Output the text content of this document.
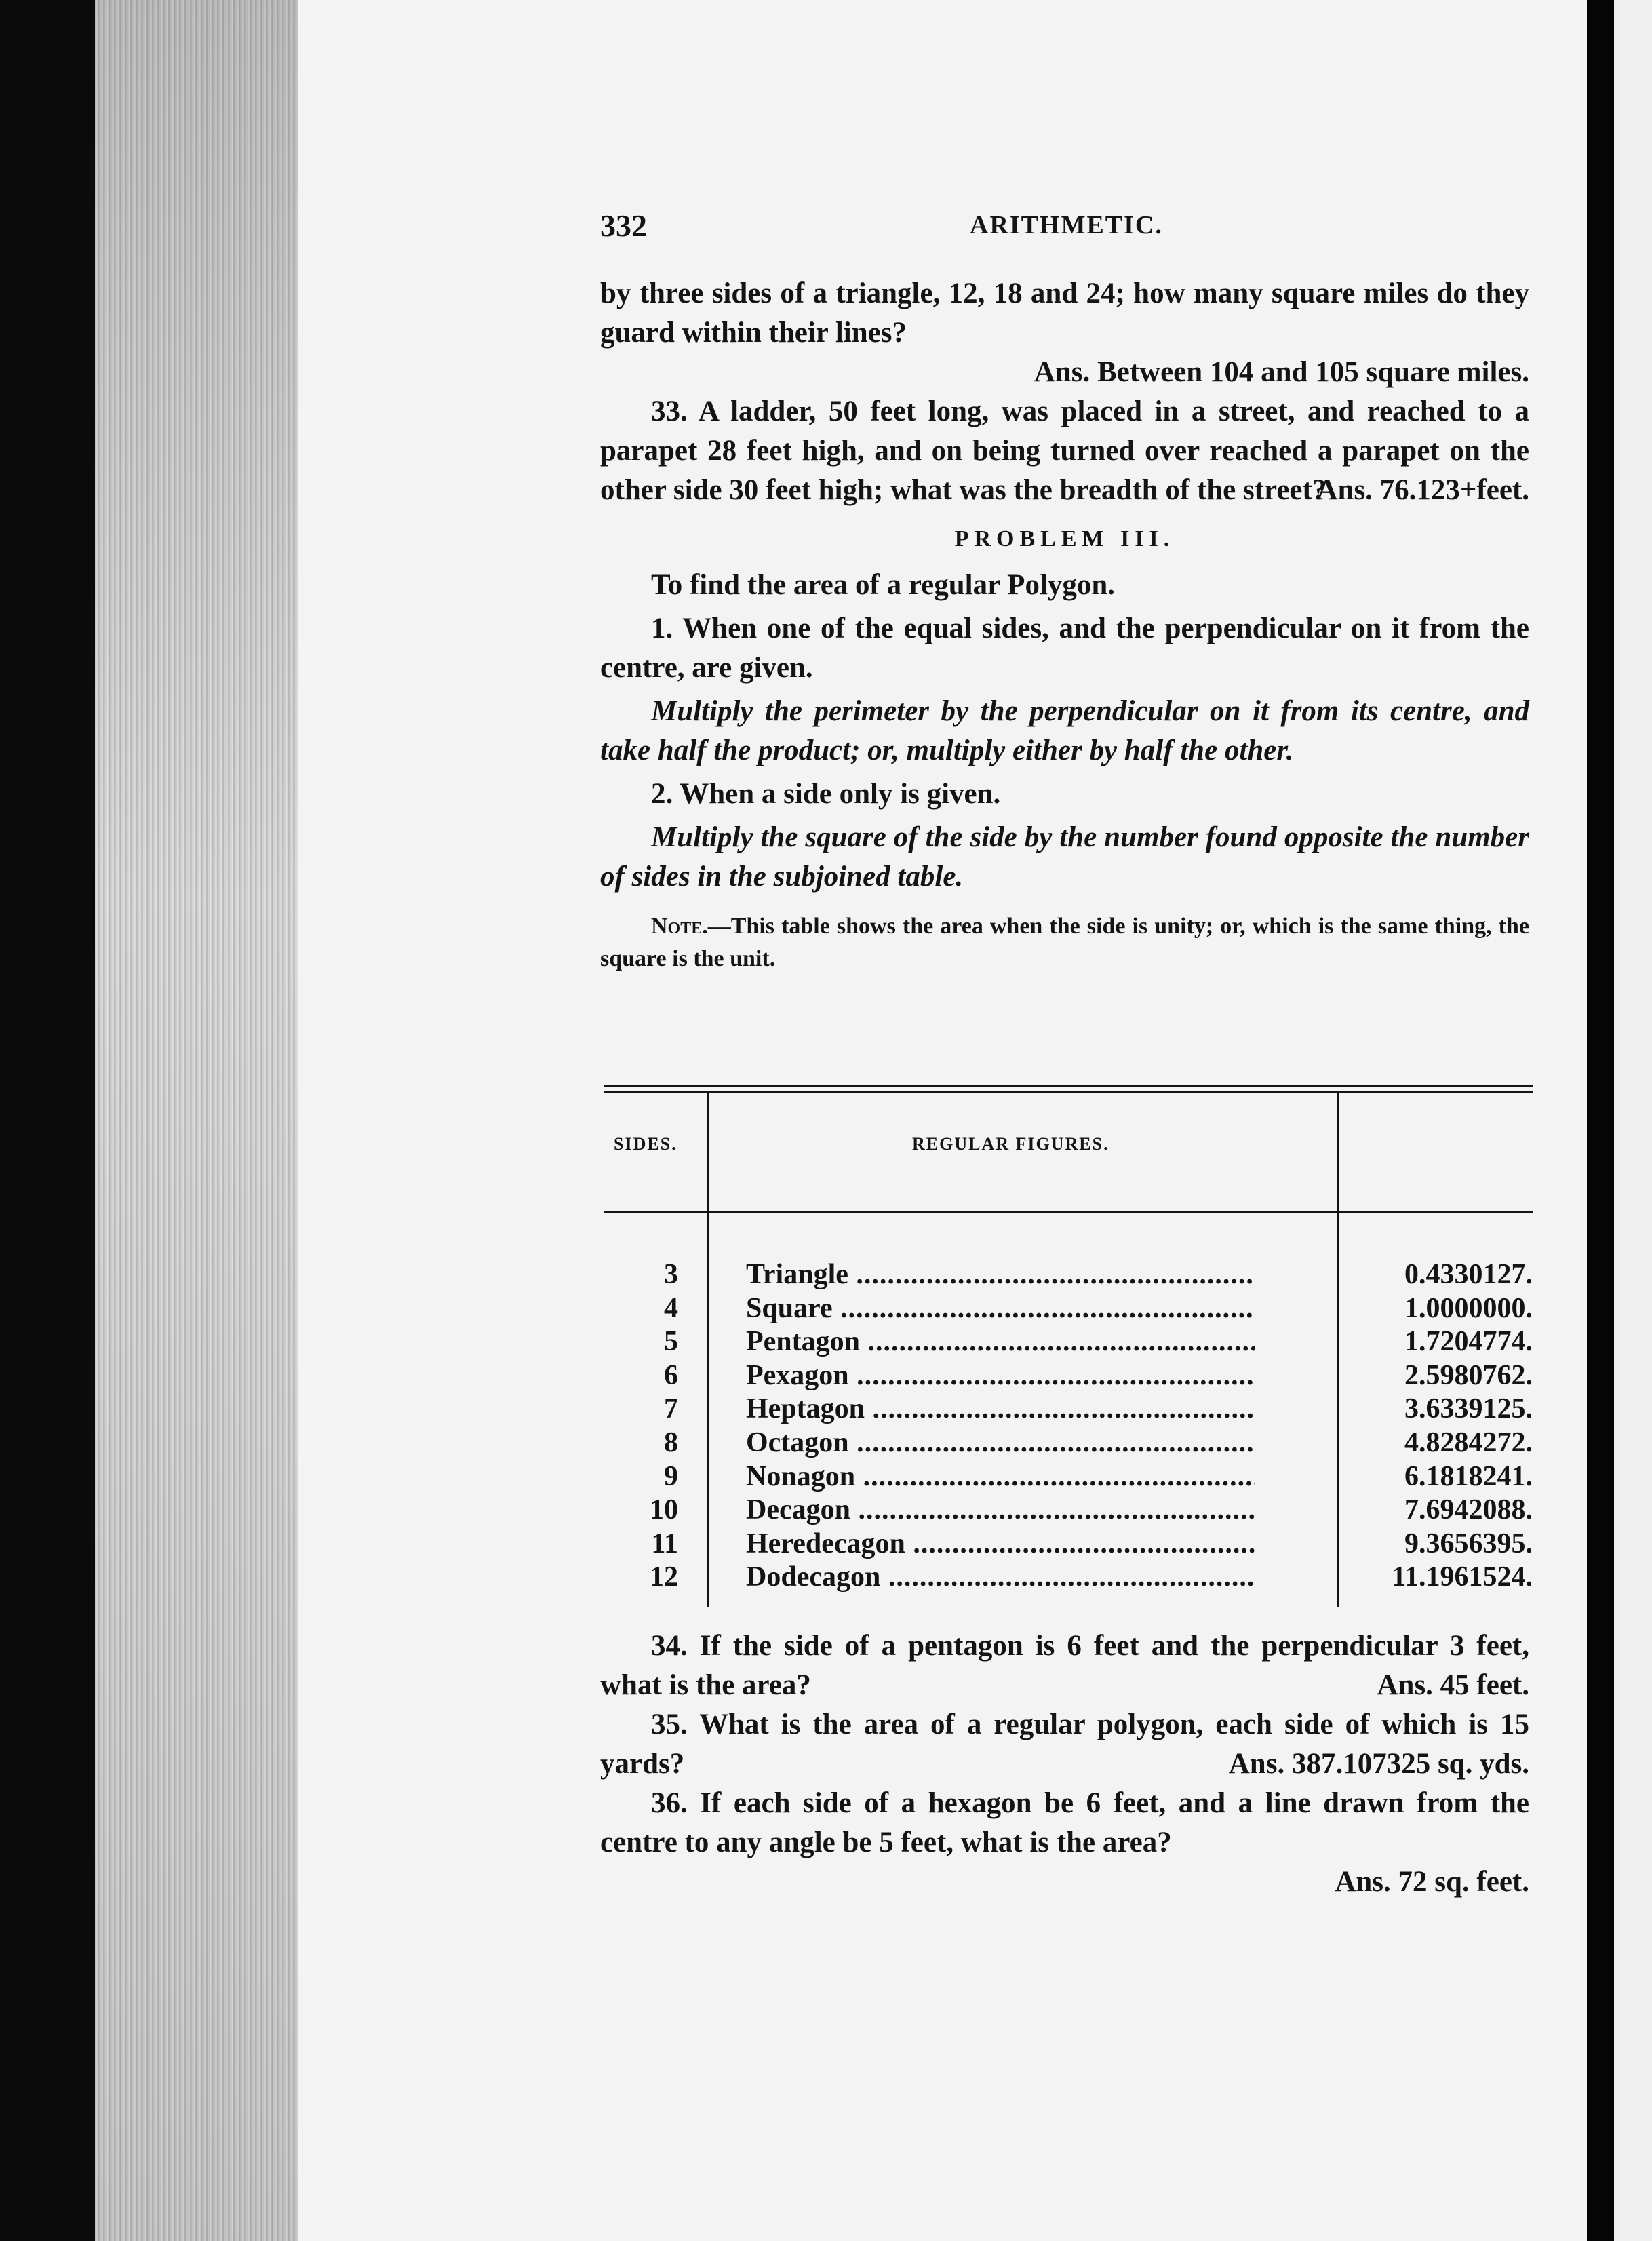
332	ARITHMETIC.

by three sides of a triangle, 12, 18 and 24; how many square miles do they guard within their lines?

Ans. Between 104 and 105 square miles.

33. A ladder, 50 feet long, was placed in a street, and reached to a parapet 28 feet high, and on being turned over reached a parapet on the other side 30 feet high; what was the breadth of the street?

Ans. 76.123+feet.

PROBLEM III.

To find the area of a regular Polygon.

1. When one of the equal sides, and the perpendicular on it from the centre, are given.

Multiply the perimeter by the perpendicular on it from its centre, and take half the product; or, multiply either by half the other.

2. When a side only is given.

Multiply the square of the side by the number found opposite the number of sides in the subjoined table.

Note.—This table shows the area when the side is unity; or, which is the same thing, the square is the unit.

SIDES.	REGULAR FIGURES.
3 Triangle .....	0.4330127.
4 Square .....	1.0000000.
5 Pentagon .....	1.7204774.
6 Pexagon .....	2.5980762.
7 Heptagon .....	3.6339125.
8 Octagon .....	4.8284272.
9 Nonagon .....	6.1818241.
10 Decagon .....	7.6942088.
11 Heredecagon .....	9.3656395.
12 Dodecagon .....	11.1961524.

34. If the side of a pentagon is 6 feet and the perpendicular 3 feet, what is the area?	Ans. 45 feet.

35. What is the area of a regular polygon, each side of which is 15 yards?	Ans. 387.107325 sq. yds.

36. If each side of a hexagon be 6 feet, and a line drawn from the centre to any angle be 5 feet, what is the area?

Ans. 72 sq. feet.
